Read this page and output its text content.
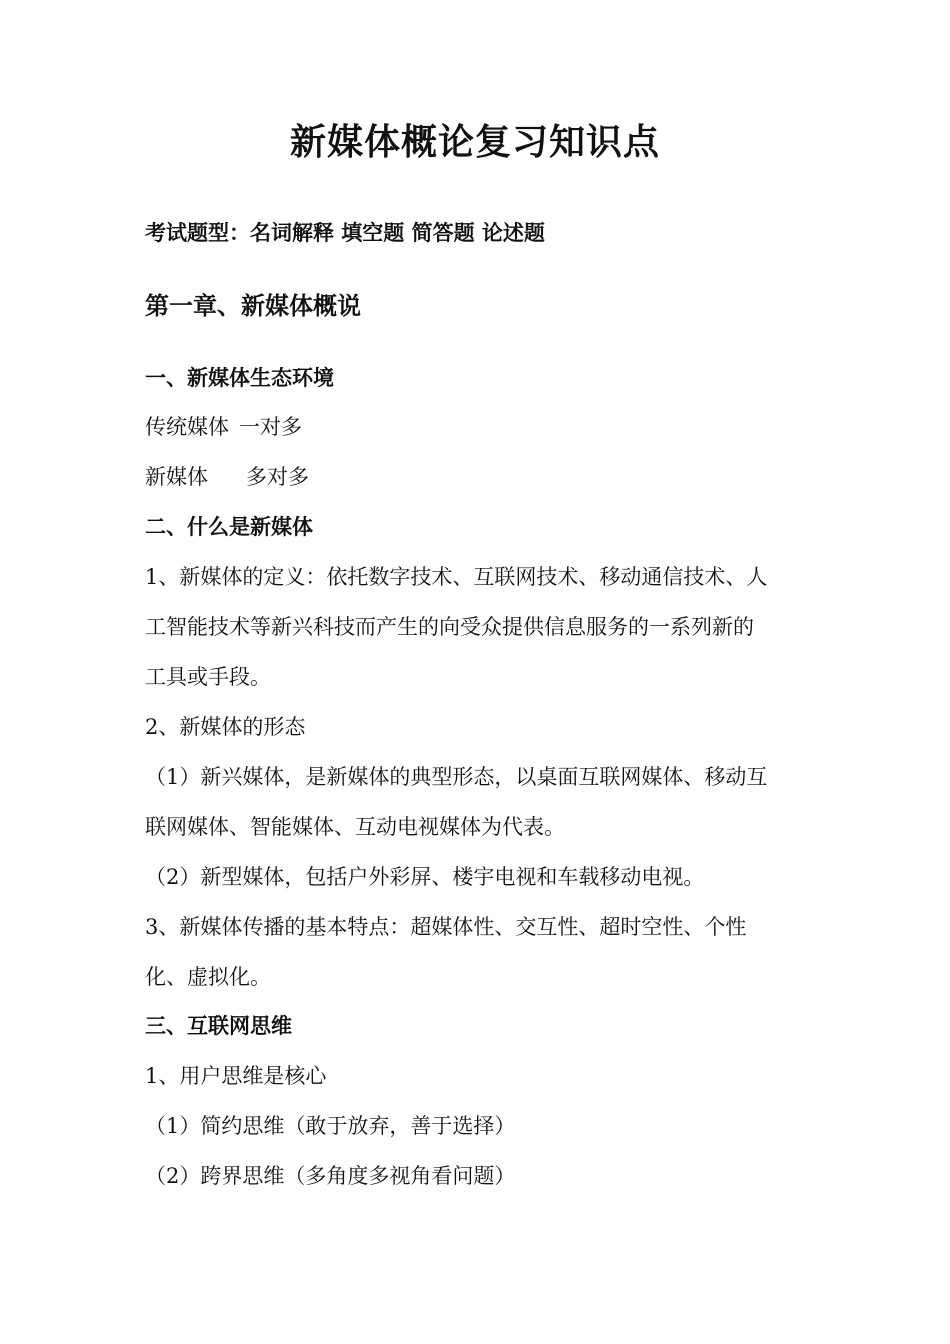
新媒体概论复习知识点
考试题型：名词解释 填空题 简答题 论述题
第一章、新媒体概说
一、新媒体生态环境
传统媒体 一对多
新媒体 多对多
二、什么是新媒体
1、新媒体的定义：依托数字技术、互联网技术、移动通信技术、人
工智能技术等新兴科技而产生的向受众提供信息服务的一系列新的
工具或手段。
2、新媒体的形态
（1）新兴媒体，是新媒体的典型形态，以桌面互联网媒体、移动互
联网媒体、智能媒体、互动电视媒体为代表。
（2）新型媒体，包括户外彩屏、楼宇电视和车载移动电视。
3、新媒体传播的基本特点：超媒体性、交互性、超时空性、个性
化、虚拟化。
三、互联网思维
1、用户思维是核心
（1）简约思维（敢于放弃，善于选择）
（2）跨界思维（多角度多视角看问题）
